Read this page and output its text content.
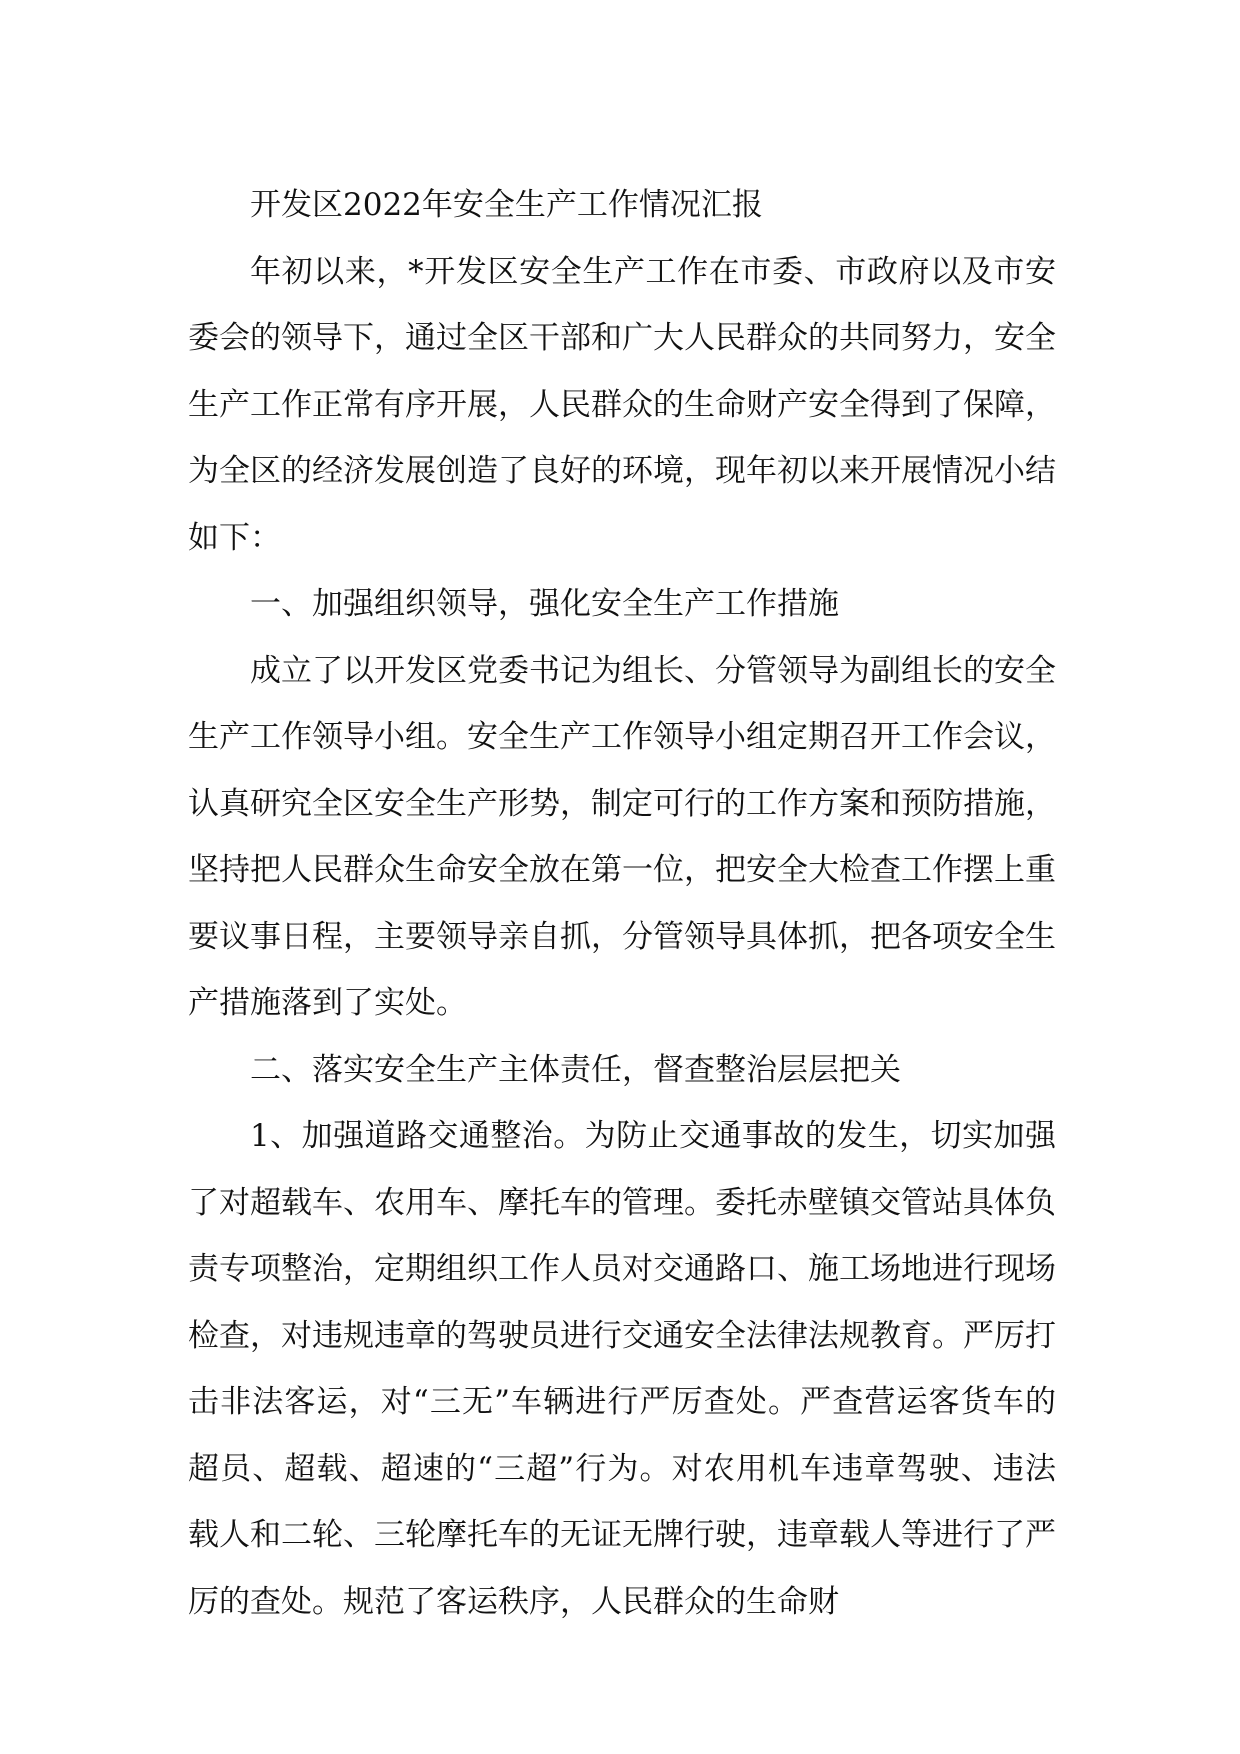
开发区2022年安全生产工作情况汇报

年初以来，*开发区安全生产工作在市委、市政府以及市安委会的领导下，通过全区干部和广大人民群众的共同努力，安全生产工作正常有序开展，人民群众的生命财产安全得到了保障，为全区的经济发展创造了良好的环境，现年初以来开展情况小结如下：

一、加强组织领导，强化安全生产工作措施

成立了以开发区党委书记为组长、分管领导为副组长的安全生产工作领导小组。安全生产工作领导小组定期召开工作会议，认真研究全区安全生产形势，制定可行的工作方案和预防措施，坚持把人民群众生命安全放在第一位，把安全大检查工作摆上重要议事日程，主要领导亲自抓，分管领导具体抓，把各项安全生产措施落到了实处。

二、落实安全生产主体责任，督查整治层层把关

1、加强道路交通整治。为防止交通事故的发生，切实加强了对超载车、农用车、摩托车的管理。委托赤壁镇交管站具体负责专项整治，定期组织工作人员对交通路口、施工场地进行现场检查，对违规违章的驾驶员进行交通安全法律法规教育。严厉打击非法客运，对“三无”车辆进行严厉查处。严查营运客货车的超员、超载、超速的“三超”行为。对农用机车违章驾驶、违法载人和二轮、三轮摩托车的无证无牌行驶，违章载人等进行了严厉的查处。规范了客运秩序，人民群众的生命财
